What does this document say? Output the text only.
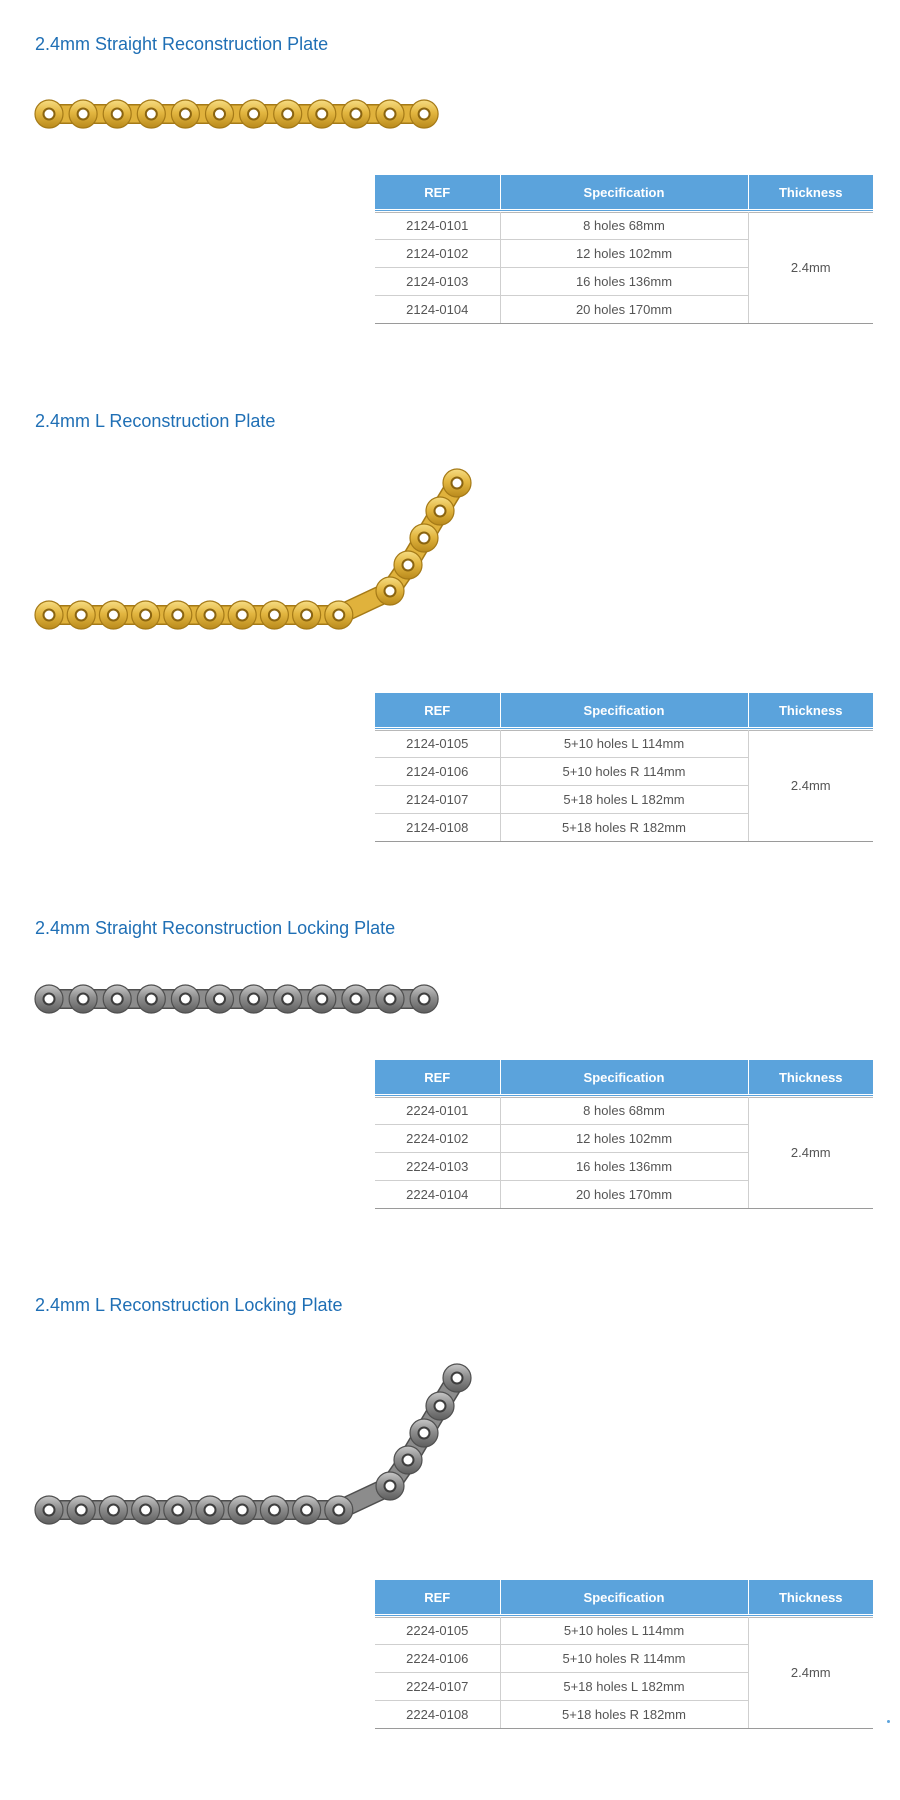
2.4mm Straight Reconstruction Plate
REF	Specification	Thickness
2124-0101	8 holes 68mm	2.4mm
2124-0102	12 holes 102mm	
2124-0103	16 holes 136mm	
2124-0104	20 holes 170mm	
2.4mm L Reconstruction Plate
REF	Specification	Thickness
2124-0105	5+10 holes L 114mm	2.4mm
2124-0106	5+10 holes R 114mm	
2124-0107	5+18 holes L 182mm	
2124-0108	5+18 holes R 182mm	
2.4mm Straight Reconstruction Locking Plate
REF	Specification	Thickness
2224-0101	8 holes 68mm	2.4mm
2224-0102	12 holes 102mm	
2224-0103	16 holes 136mm	
2224-0104	20 holes 170mm	
2.4mm L Reconstruction Locking Plate
REF	Specification	Thickness
2224-0105	5+10 holes L 114mm	2.4mm
2224-0106	5+10 holes R 114mm	
2224-0107	5+18 holes L 182mm	
2224-0108	5+18 holes R 182mm	
